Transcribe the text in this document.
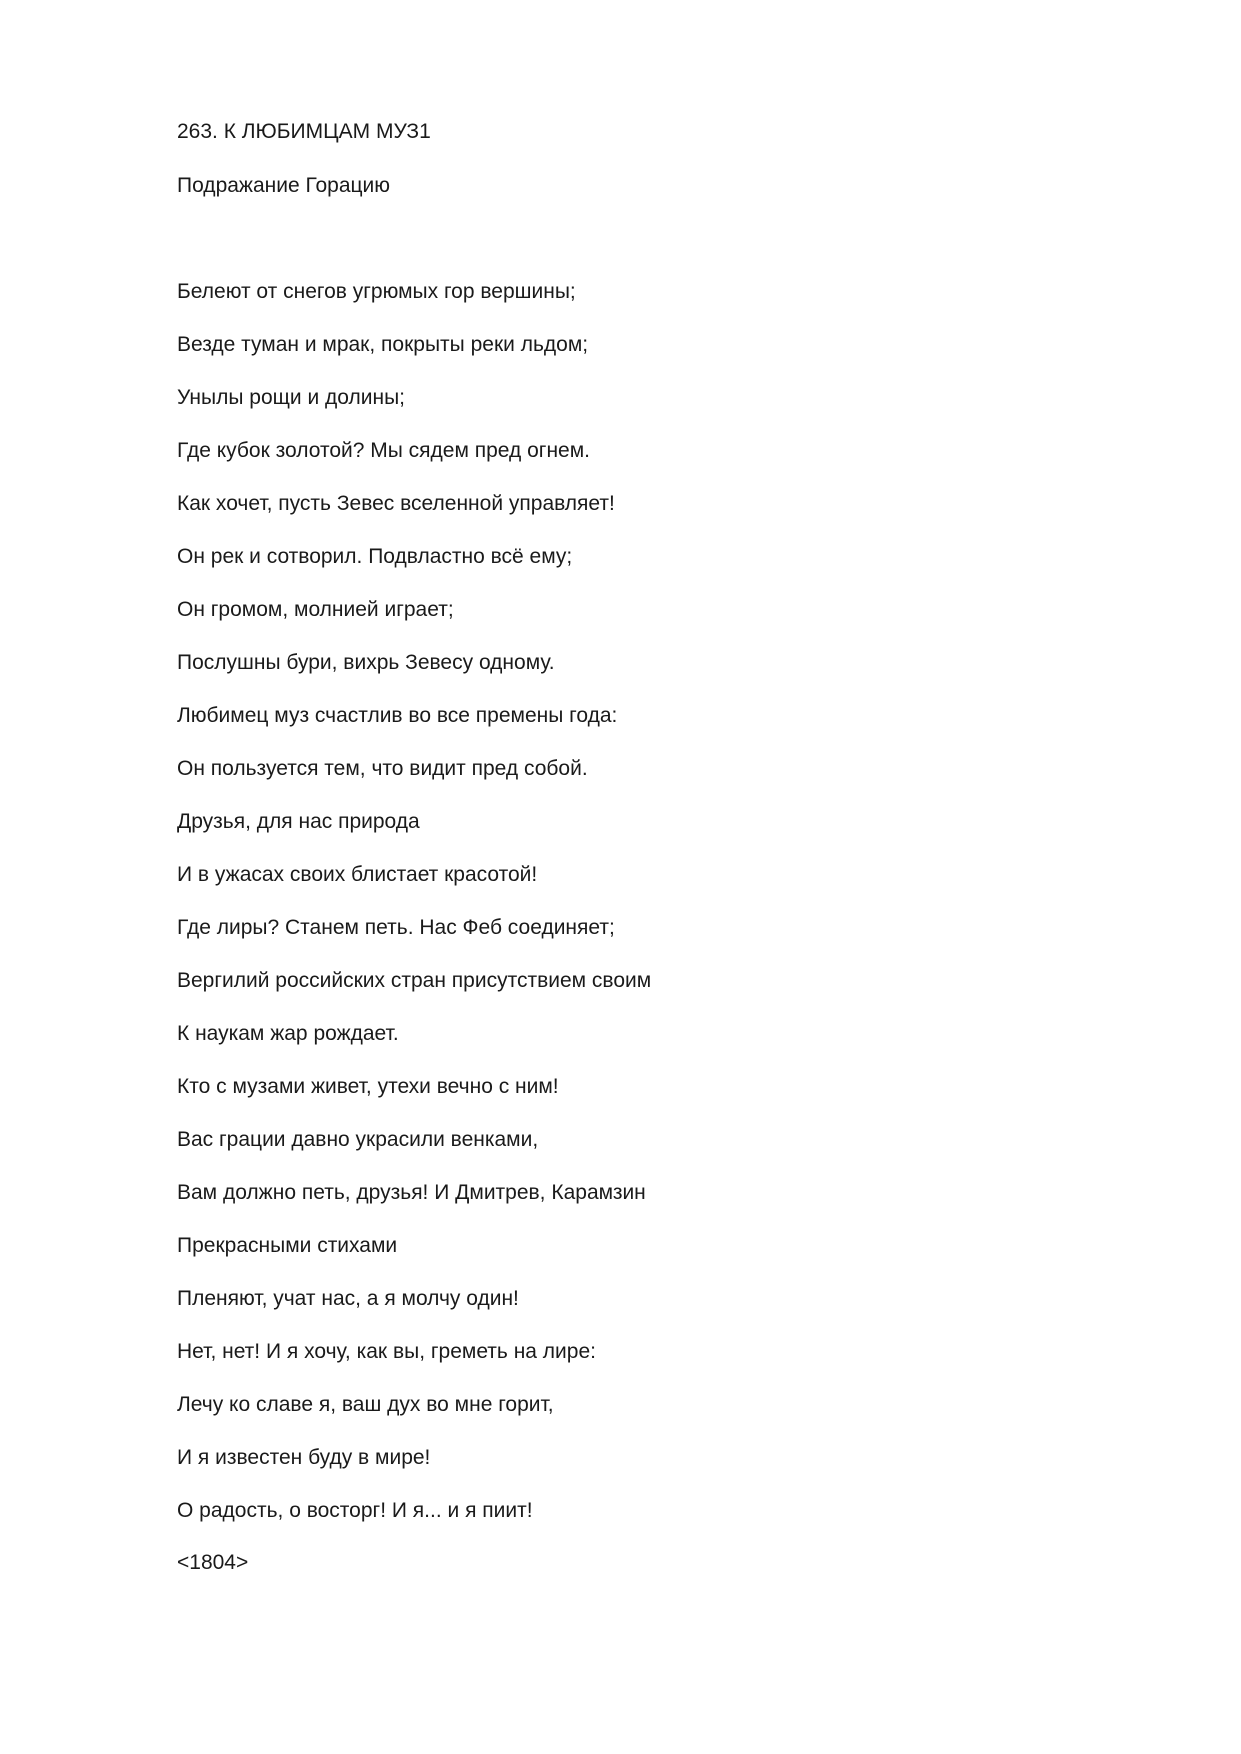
263. К ЛЮБИМЦАМ МУЗ1
Подражание Горацию
Белеют от снегов угрюмых гор вершины;
Везде туман и мрак, покрыты реки льдом;
Унылы рощи и долины;
Где кубок золотой? Мы сядем пред огнем.
Как хочет, пусть Зевес вселенной управляет!
Он рек и сотворил. Подвластно всё ему;
Он громом, молнией играет;
Послушны бури, вихрь Зевесу одному.
Любимец муз счастлив во все премены года:
Он пользуется тем, что видит пред собой.
Друзья, для нас природа
И в ужасах своих блистает красотой!
Где лиры? Станем петь. Нас Феб соединяет;
Вергилий российских стран присутствием своим
К наукам жар рождает.
Кто с музами живет, утехи вечно с ним!
Вас грации давно украсили венками,
Вам должно петь, друзья! И Дмитрев, Карамзин
Прекрасными стихами
Пленяют, учат нас, а я молчу один!
Нет, нет! И я хочу, как вы, греметь на лире:
Лечу ко славе я, ваш дух во мне горит,
И я известен буду в мире!
О радость, о восторг! И я... и я пиит!
<1804>
